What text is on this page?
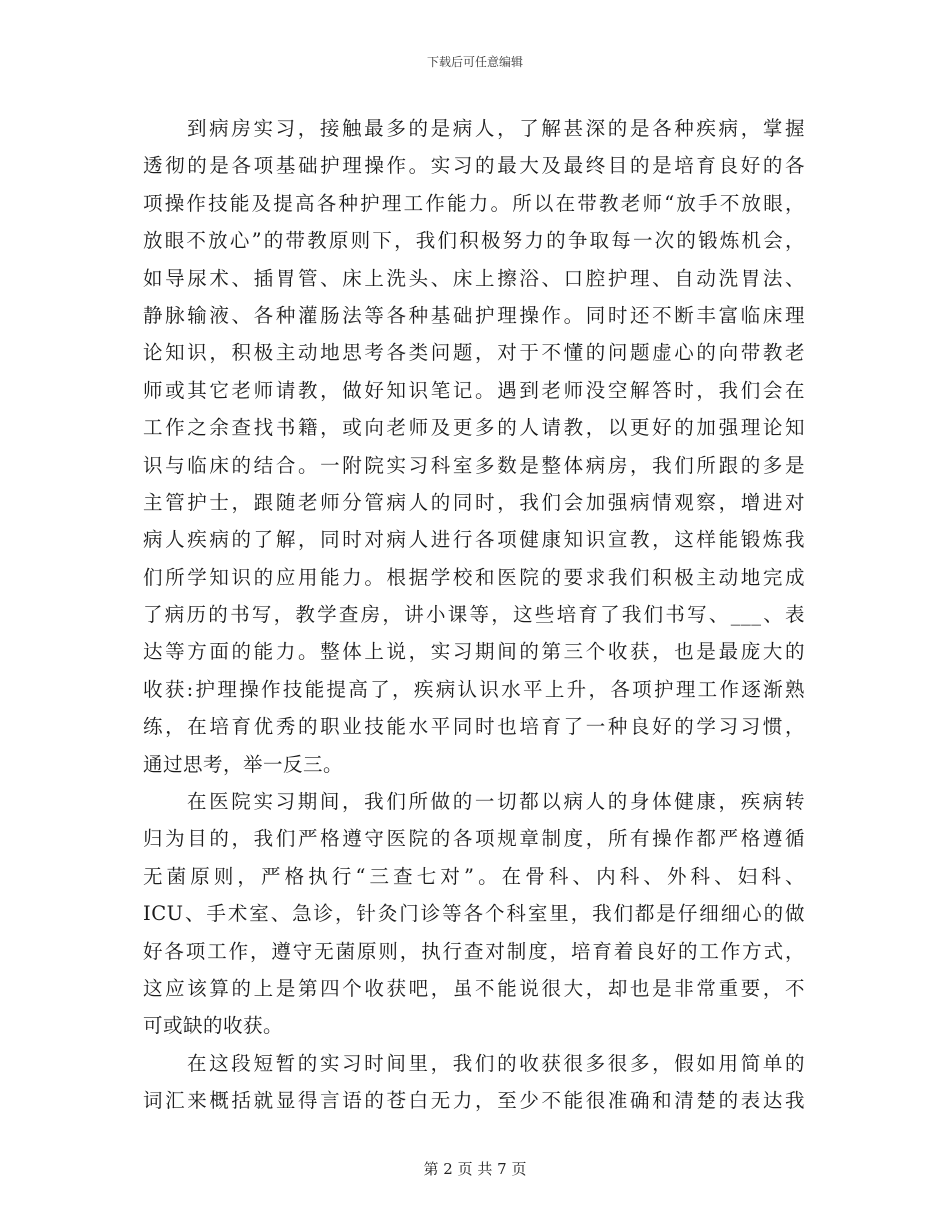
下载后可任意编辑
到病房实习，接触最多的是病人，了解甚深的是各种疾病，掌握
透彻的是各项基础护理操作。实习的最大及最终目的是培育良好的各
项操作技能及提高各种护理工作能力。所以在带教老师“放手不放眼，
放眼不放心”的带教原则下，我们积极努力的争取每一次的锻炼机会，
如导尿术、插胃管、床上洗头、床上擦浴、口腔护理、自动洗胃法、
静脉输液、各种灌肠法等各种基础护理操作。同时还不断丰富临床理
论知识，积极主动地思考各类问题，对于不懂的问题虚心的向带教老
师或其它老师请教，做好知识笔记。遇到老师没空解答时，我们会在
工作之余查找书籍，或向老师及更多的人请教，以更好的加强理论知
识与临床的结合。一附院实习科室多数是整体病房，我们所跟的多是
主管护士，跟随老师分管病人的同时，我们会加强病情观察，增进对
病人疾病的了解，同时对病人进行各项健康知识宣教，这样能锻炼我
们所学知识的应用能力。根据学校和医院的要求我们积极主动地完成
了病历的书写，教学查房，讲小课等，这些培育了我们书写、___、表
达等方面的能力。整体上说，实习期间的第三个收获，也是最庞大的
收获:护理操作技能提高了，疾病认识水平上升，各项护理工作逐渐熟
练，在培育优秀的职业技能水平同时也培育了一种良好的学习习惯，
通过思考，举一反三。
在医院实习期间，我们所做的一切都以病人的身体健康，疾病转
归为目的，我们严格遵守医院的各项规章制度，所有操作都严格遵循
无菌原则，严格执行“三查七对”。在骨科、内科、外科、妇科、
ICU、手术室、急诊，针灸门诊等各个科室里，我们都是仔细细心的做
好各项工作，遵守无菌原则，执行查对制度，培育着良好的工作方式，
这应该算的上是第四个收获吧，虽不能说很大，却也是非常重要，不
可或缺的收获。
在这段短暂的实习时间里，我们的收获很多很多，假如用简单的
词汇来概括就显得言语的苍白无力，至少不能很准确和清楚的表达我
第 2 页 共 7 页
